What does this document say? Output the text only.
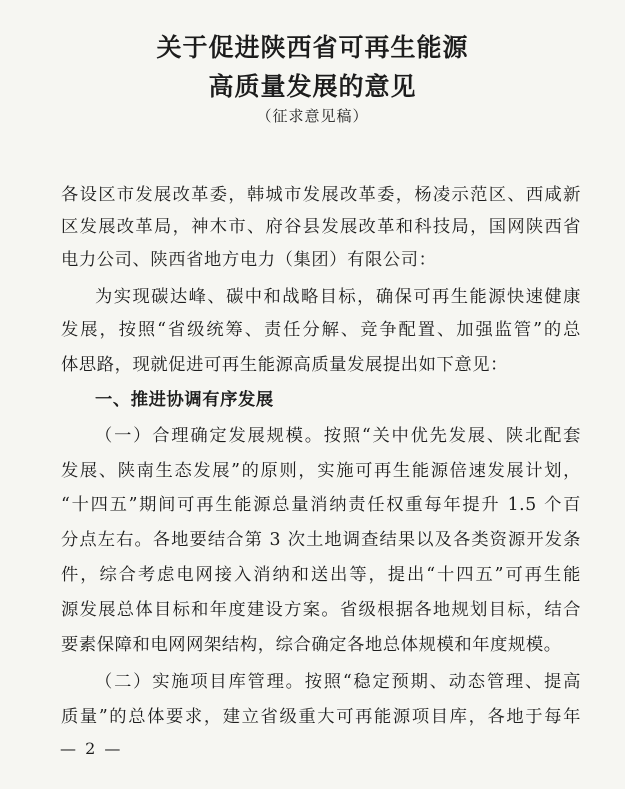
关于促进陕西省可再生能源
高质量发展的意见
（征求意见稿）
各设区市发展改革委，韩城市发展改革委，杨凌示范区、西咸新
区发展改革局，神木市、府谷县发展改革和科技局，国网陕西省
电力公司、陕西省地方电力（集团）有限公司：
为实现碳达峰、碳中和战略目标，确保可再生能源快速健康
发展，按照“省级统筹、责任分解、竞争配置、加强监管”的总
体思路，现就促进可再生能源高质量发展提出如下意见：
一、推进协调有序发展
（一）合理确定发展规模。按照“关中优先发展、陕北配套
发展、陕南生态发展”的原则，实施可再生能源倍速发展计划，
“十四五”期间可再生能源总量消纳责任权重每年提升 1.5 个百
分点左右。各地要结合第 3 次土地调查结果以及各类资源开发条
件，综合考虑电网接入消纳和送出等，提出“十四五”可再生能
源发展总体目标和年度建设方案。省级根据各地规划目标，结合
要素保障和电网网架结构，综合确定各地总体规模和年度规模。
（二）实施项目库管理。按照“稳定预期、动态管理、提高
质量”的总体要求，建立省级重大可再能源项目库，各地于每年
— 2 —
